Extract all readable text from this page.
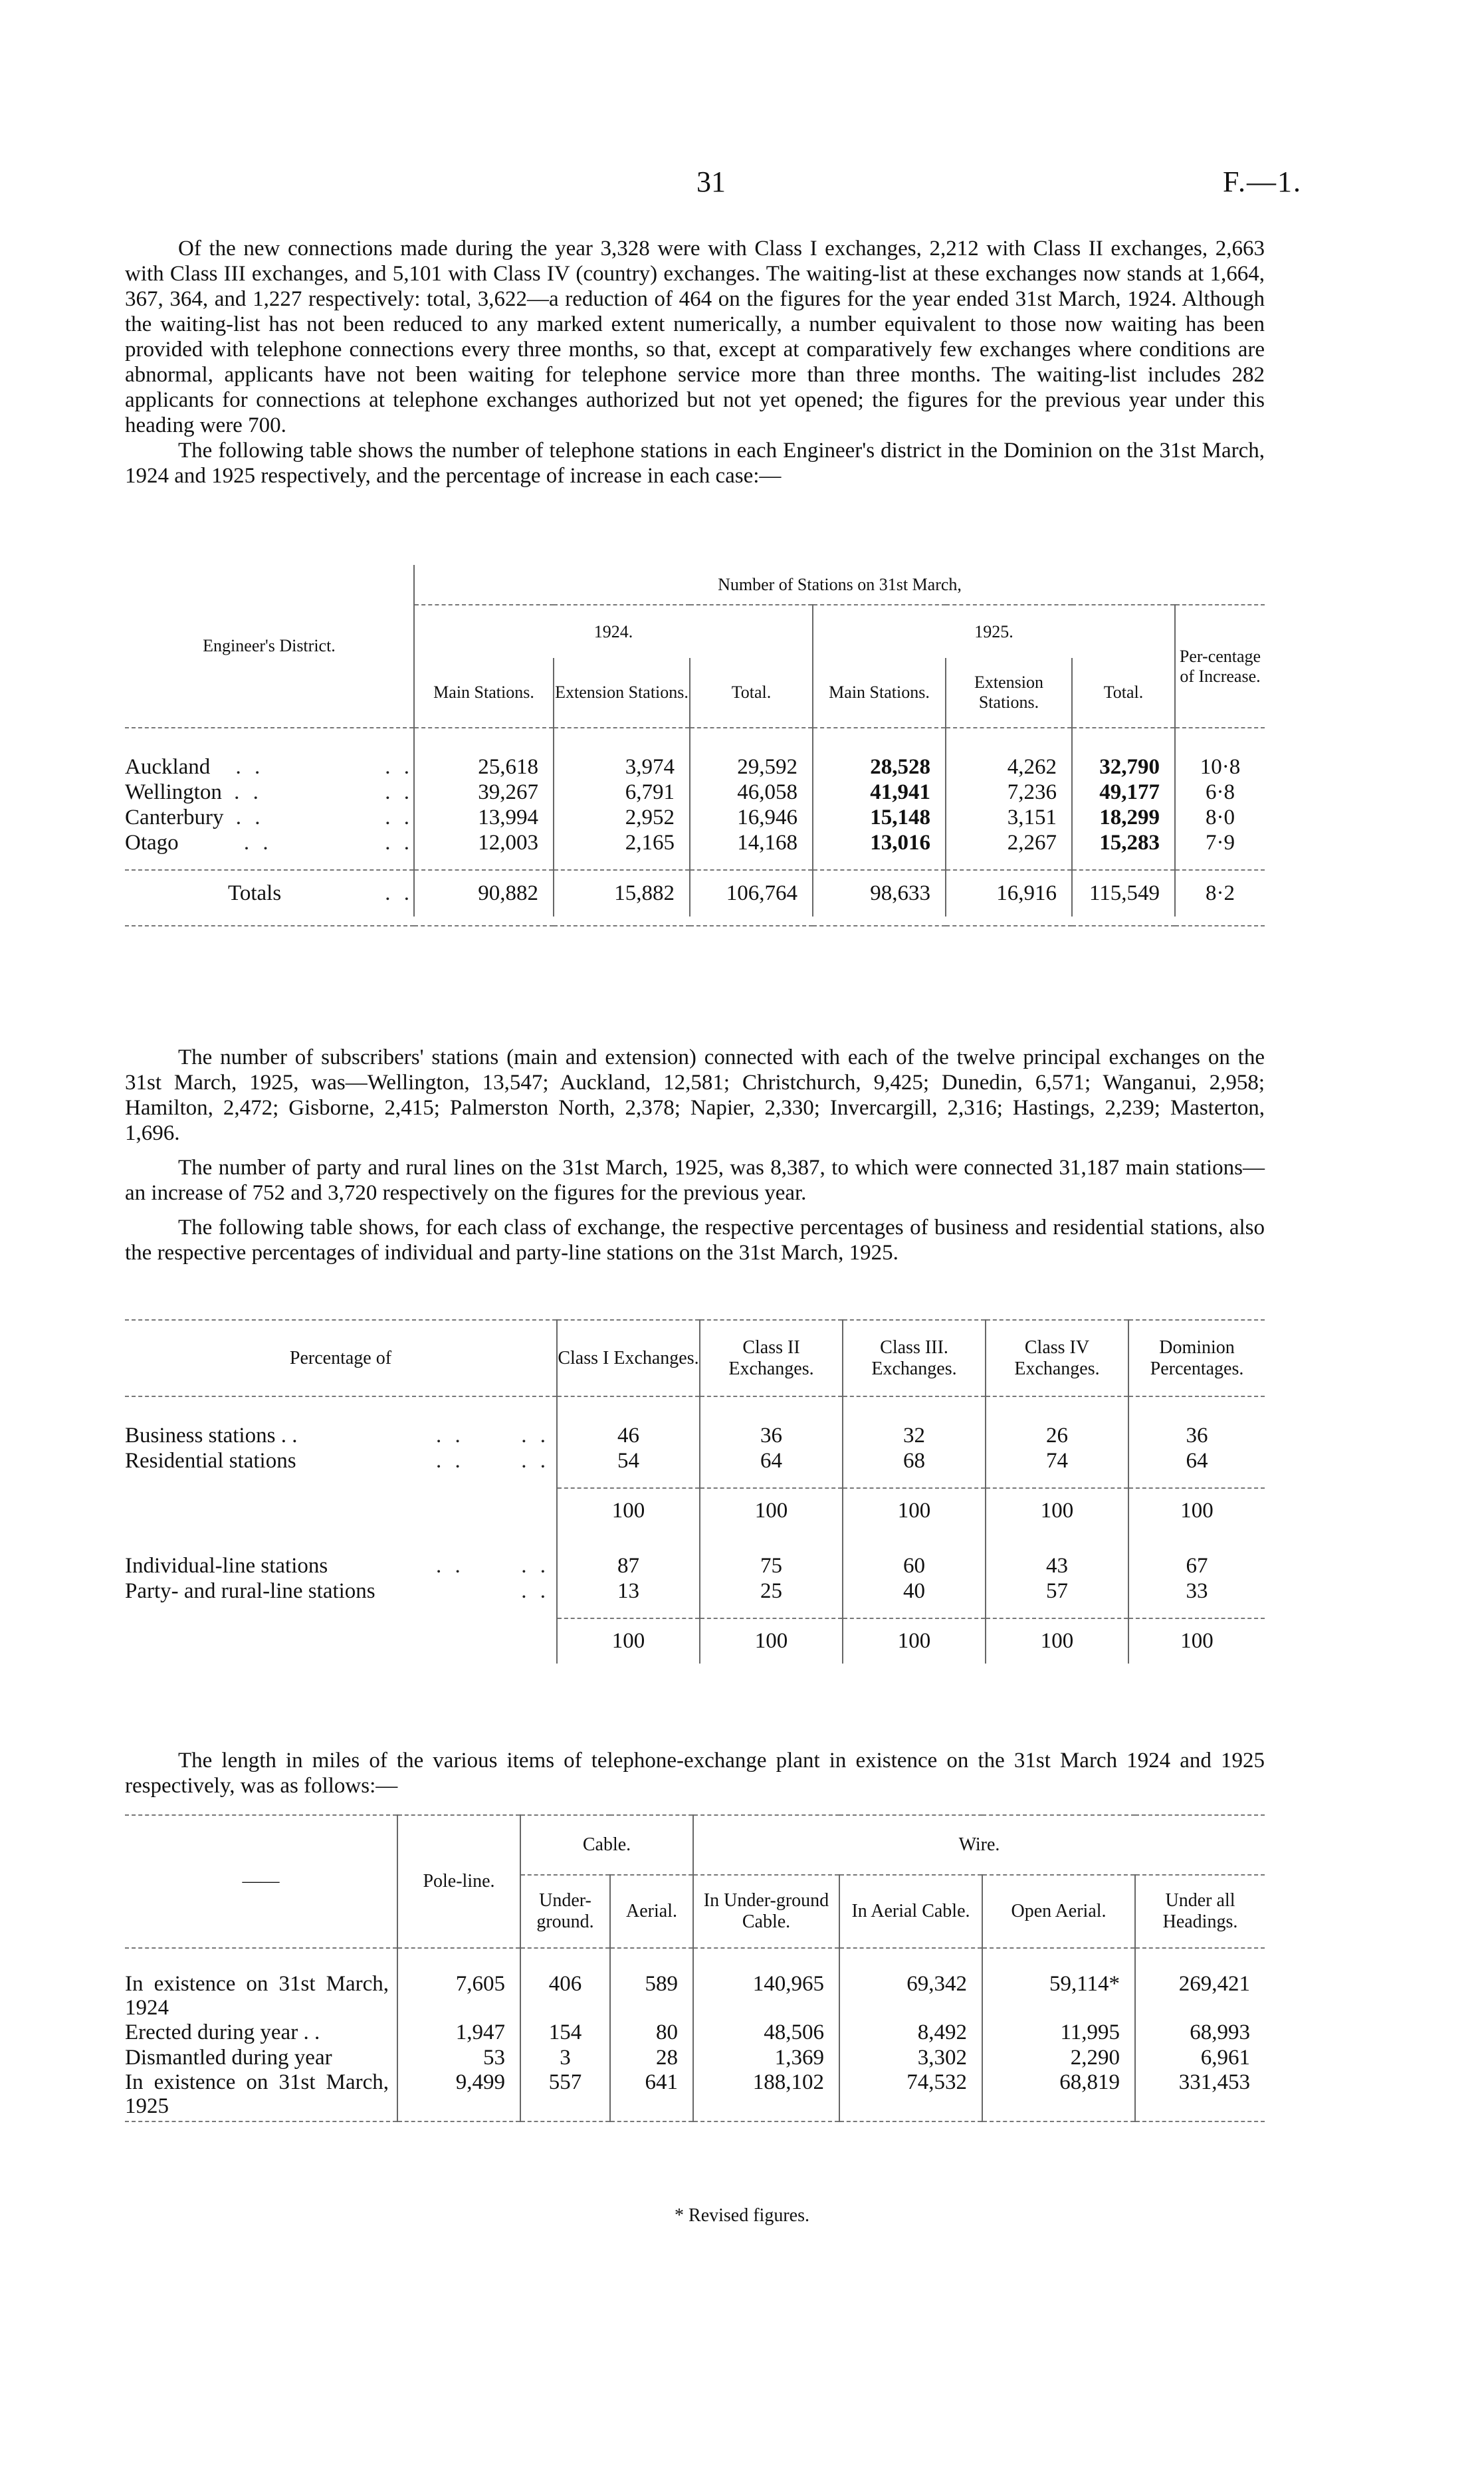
31	F.—1.

Of the new connections made during the year 3,328 were with Class I exchanges, 2,212 with Class II exchanges, 2,663 with Class III exchanges, and 5,101 with Class IV (country) exchanges. The waiting-list at these exchanges now stands at 1,664, 367, 364, and 1,227 respectively: total, 3,622—a reduction of 464 on the figures for the year ended 31st March, 1924. Although the waiting-list has not been reduced to any marked extent numerically, a number equivalent to those now waiting has been provided with telephone connections every three months, so that, except at comparatively few exchanges where conditions are abnormal, applicants have not been waiting for telephone service more than three months. The waiting-list includes 282 applicants for connections at telephone exchanges authorized but not yet opened; the figures for the previous year under this heading were 700.

The following table shows the number of telephone stations in each Engineer's district in the Dominion on the 31st March, 1924 and 1925 respectively, and the percentage of increase in each case:—

Engineer's District.	Number of Stations on 31st March,						
	1924.			1925.			Per-centage of Increase.
	Main Stations.	Extension Stations.	Total.	Main Stations.	Extension Stations.	Total.	

Auckland . . . .	25,618	3,974	29,592	28,528	4,262	32,790	10·8
Wellington . . . .	39,267	6,791	46,058	41,941	7,236	49,177	6·8
Canterbury . . . .	13,994	2,952	16,946	15,148	3,151	18,299	8·0
Otago . . . .	12,003	2,165	14,168	13,016	2,267	15,283	7·9

Totals . .	90,882	15,882	106,764	98,633	16,916	115,549	8·2

The number of subscribers' stations (main and extension) connected with each of the twelve principal exchanges on the 31st March, 1925, was—Wellington, 13,547; Auckland, 12,581; Christchurch, 9,425; Dunedin, 6,571; Wanganui, 2,958; Hamilton, 2,472; Gisborne, 2,415; Palmerston North, 2,378; Napier, 2,330; Invercargill, 2,316; Hastings, 2,239; Masterton, 1,696.

The number of party and rural lines on the 31st March, 1925, was 8,387, to which were connected 31,187 main stations—an increase of 752 and 3,720 respectively on the figures for the previous year.

The following table shows, for each class of exchange, the respective percentages of business and residential stations, also the respective percentages of individual and party-line stations on the 31st March, 1925.

Percentage of	Class I Exchanges.	Class II Exchanges.	Class III. Exchanges.	Class IV Exchanges.	Dominion Percentages.

Business stations . . . .      . .	46	36	32	26	36
Residential stations . .      . .	54	64	68	74	64

	100	100	100	100	100

Individual-line stations . .      . .	87	75	60	43	67
Party- and rural-line stations . .	13	25	40	57	33

	100	100	100	100	100

The length in miles of the various items of telephone-exchange plant in existence on the 31st March 1924 and 1925 respectively, was as follows:—

——	Pole-line.	Cable.		Wire.			
		Under-ground.	Aerial.	In Under-ground Cable.	In Aerial Cable.	Open Aerial.	Under all Headings.

In existence on 31st March, 1924	7,605	406	589	140,965	69,342	59,114*	269,421
Erected during year . .	1,947	154	80	48,506	8,492	11,995	68,993
Dismantled during year	53	3	28	1,369	3,302	2,290	6,961
In existence on 31st March, 1925	9,499	557	641	188,102	74,532	68,819	331,453
* Revised figures.
